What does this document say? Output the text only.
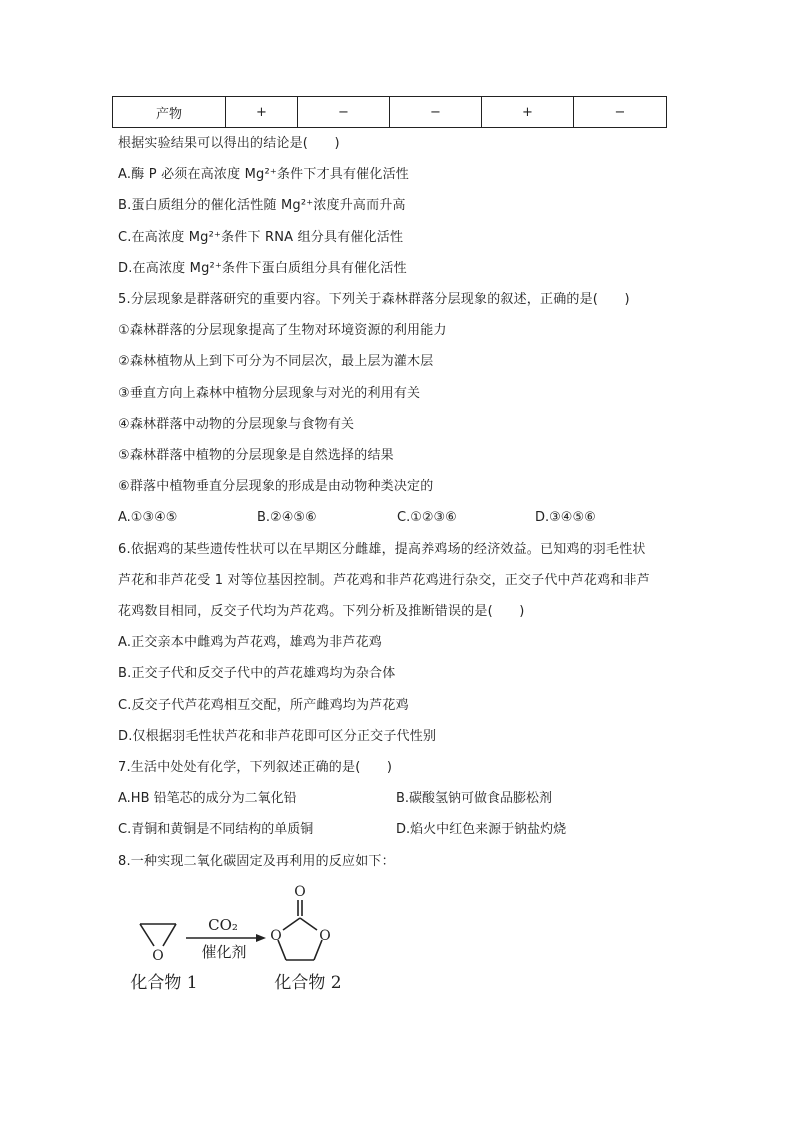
产物	+	−	−	+	−
根据实验结果可以得出的结论是(　　)
A.酶 P 必须在高浓度 Mg²⁺条件下才具有催化活性
B.蛋白质组分的催化活性随 Mg²⁺浓度升高而升高
C.在高浓度 Mg²⁺条件下 RNA 组分具有催化活性
D.在高浓度 Mg²⁺条件下蛋白质组分具有催化活性
5.分层现象是群落研究的重要内容。下列关于森林群落分层现象的叙述，正确的是(　　)
①森林群落的分层现象提高了生物对环境资源的利用能力
②森林植物从上到下可分为不同层次，最上层为灌木层
③垂直方向上森林中植物分层现象与对光的利用有关
④森林群落中动物的分层现象与食物有关
⑤森林群落中植物的分层现象是自然选择的结果
⑥群落中植物垂直分层现象的形成是由动物种类决定的
A.①③④⑤	B.②④⑤⑥	C.①②③⑥	D.③④⑤⑥
6.依据鸡的某些遗传性状可以在早期区分雌雄，提高养鸡场的经济效益。已知鸡的羽毛性状
芦花和非芦花受 1 对等位基因控制。芦花鸡和非芦花鸡进行杂交，正交子代中芦花鸡和非芦
花鸡数目相同，反交子代均为芦花鸡。下列分析及推断错误的是(　　)
A.正交亲本中雌鸡为芦花鸡，雄鸡为非芦花鸡
B.正交子代和反交子代中的芦花雄鸡均为杂合体
C.反交子代芦花鸡相互交配，所产雌鸡均为芦花鸡
D.仅根据羽毛性状芦花和非芦花即可区分正交子代性别
7.生活中处处有化学，下列叙述正确的是(　　)
A.HB 铅笔芯的成分为二氧化铅	B.碳酸氢钠可做食品膨松剂
C.青铜和黄铜是不同结构的单质铜	D.焰火中红色来源于钠盐灼烧
8.一种实现二氧化碳固定及再利用的反应如下：
O
CO₂
催化剂
O
O	O
化合物 1	化合物 2
